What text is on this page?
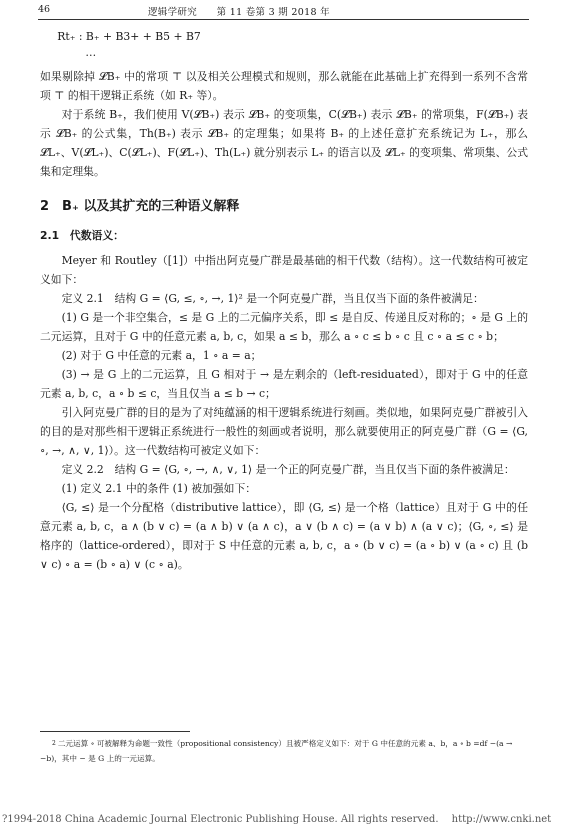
46	逻辑学研究　　第 11 卷第 3 期 2018 年

Rt₊ : B₊ + B3+ + B5 + B7

…

如果剔除掉 𝓛B₊ 中的常项 ⊤ 以及相关公理模式和规则，那么就能在此基础上扩充得到一系列不含常项 ⊤ 的相干逻辑正系统（如 R₊ 等）。

对于系统 B₊，我们使用 V(𝓛B₊) 表示 𝓛B₊ 的变项集，C(𝓛B₊) 表示 𝓛B₊ 的常项集，F(𝓛B₊) 表示 𝓛B₊ 的公式集，Th(B₊) 表示 𝓛B₊ 的定理集；如果将 B₊ 的上述任意扩充系统记为 L₊，那么 𝓛L₊、V(𝓛L₊)、C(𝓛L₊)、F(𝓛L₊)、Th(L₊) 就分别表示 L₊ 的语言以及 𝓛L₊ 的变项集、常项集、公式集和定理集。

2　B₊ 以及其扩充的三种语义解释
2.1　代数语义：

Meyer 和 Routley（[1]）中指出阿克曼广群是最基础的相干代数（结构）。这一代数结构可被定义如下：

定义 2.1　结构 G = ⟨G, ≤, ∘, →, 1⟩² 是一个阿克曼广群，当且仅当下面的条件被满足：

(1) G 是一个非空集合，≤ 是 G 上的二元偏序关系，即 ≤ 是自反、传递且反对称的；∘ 是 G 上的二元运算，且对于 G 中的任意元素 a, b, c，如果 a ≤ b，那么 a ∘ c ≤ b ∘ c 且 c ∘ a ≤ c ∘ b；

(2) 对于 G 中任意的元素 a，1 ∘ a = a；

(3) → 是 G 上的二元运算，且 G 相对于 → 是左剩余的（left-residuated），即对于 G 中的任意元素 a, b, c，a ∘ b ≤ c，当且仅当 a ≤ b → c；

引入阿克曼广群的目的是为了对纯蕴涵的相干逻辑系统进行刻画。类似地，如果阿克曼广群被引入的目的是对那些相干逻辑正系统进行一般性的刻画或者说明，那么就要使用正的阿克曼广群（G = ⟨G, ∘, →, ∧, ∨, 1⟩）。这一代数结构可被定义如下：

定义 2.2　结构 G = ⟨G, ∘, →, ∧, ∨, 1⟩ 是一个正的阿克曼广群，当且仅当下面的条件被满足：

(1) 定义 2.1 中的条件 (1) 被加强如下：

⟨G, ≤⟩ 是一个分配格（distributive lattice），即 ⟨G, ≤⟩ 是一个格（lattice）且对于 G 中的任意元素 a, b, c，a ∧ (b ∨ c) = (a ∧ b) ∨ (a ∧ c)，a ∨ (b ∧ c) = (a ∨ b) ∧ (a ∨ c)；⟨G, ∘, ≤⟩ 是格序的（lattice-ordered），即对于 S 中任意的元素 a, b, c，a ∘ (b ∨ c) = (a ∘ b) ∨ (a ∘ c) 且 (b ∨ c) ∘ a = (b ∘ a) ∨ (c ∘ a)。

$^2$ 二元运算 ∘ 可被解释为命题一致性（propositional consistency）且被严格定义如下：对于 G 中任意的元素 a、b，a ∘ b =df −(a → −b)，其中 − 是 G 上的一元运算。

?1994-2018 China Academic Journal Electronic Publishing House. All rights reserved.　 http://www.cnki.net
